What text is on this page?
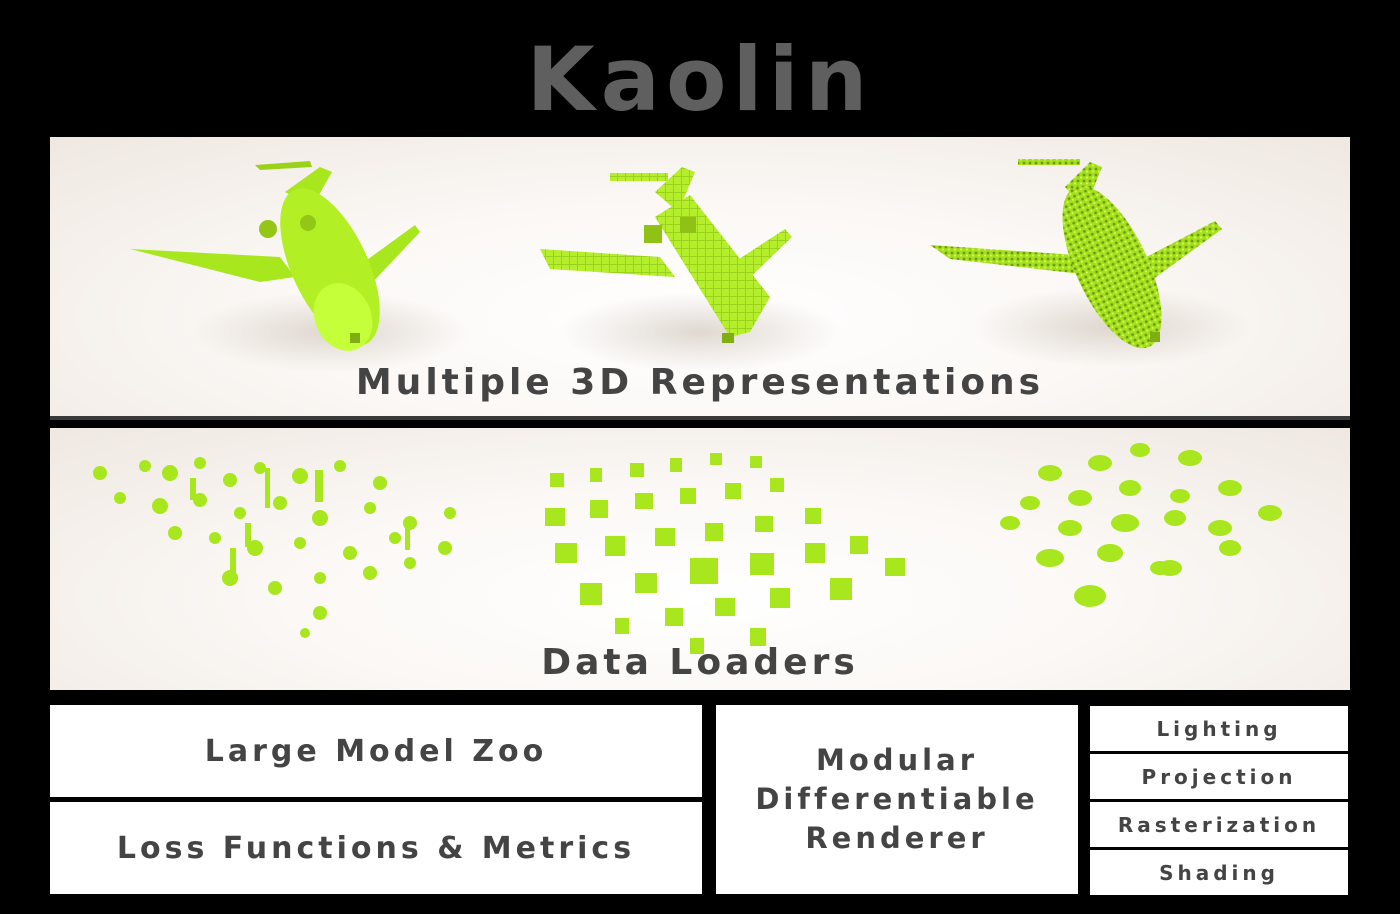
Kaolin
Multiple 3D Representations
Data Loaders
Large Model Zoo
Loss Functions & Metrics
Modular
Differentiable
Renderer
Lighting
Projection
Rasterization
Shading
